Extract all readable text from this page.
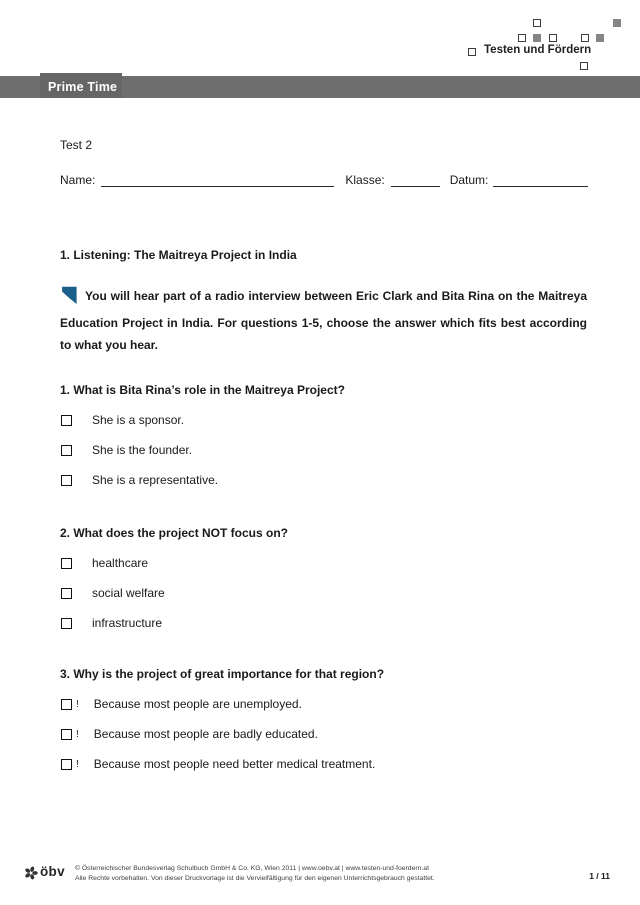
Testen und Fördern
Prime Time
Test 2
Name:	Klasse:	Datum:
1. Listening: The Maitreya Project in India
You will hear part of a radio interview between Eric Clark and Bita Rina on the Maitreya Education Project in India. For questions 1-5, choose the answer which fits best according to what you hear.
1. What is Bita Rina’s role in the Maitreya Project?
She is a sponsor.
She is the founder.
She is a representative.
2. What does the project NOT focus on?
healthcare
social welfare
infrastructure
3. Why is the project of great importance for that region?
! Because most people are unemployed.
! Because most people are badly educated.
! Because most people need better medical treatment.
öbv © Österreichischer Bundesverlag Schulbuch GmbH & Co. KG, Wien 2011 | www.oebv.at | www.testen-und-foerdern.at
Alle Rechte vorbehalten. Von dieser Druckvorlage ist die Vervielfältigung für den eigenen Unterrichtsgebrauch gestattet.	1 / 11
